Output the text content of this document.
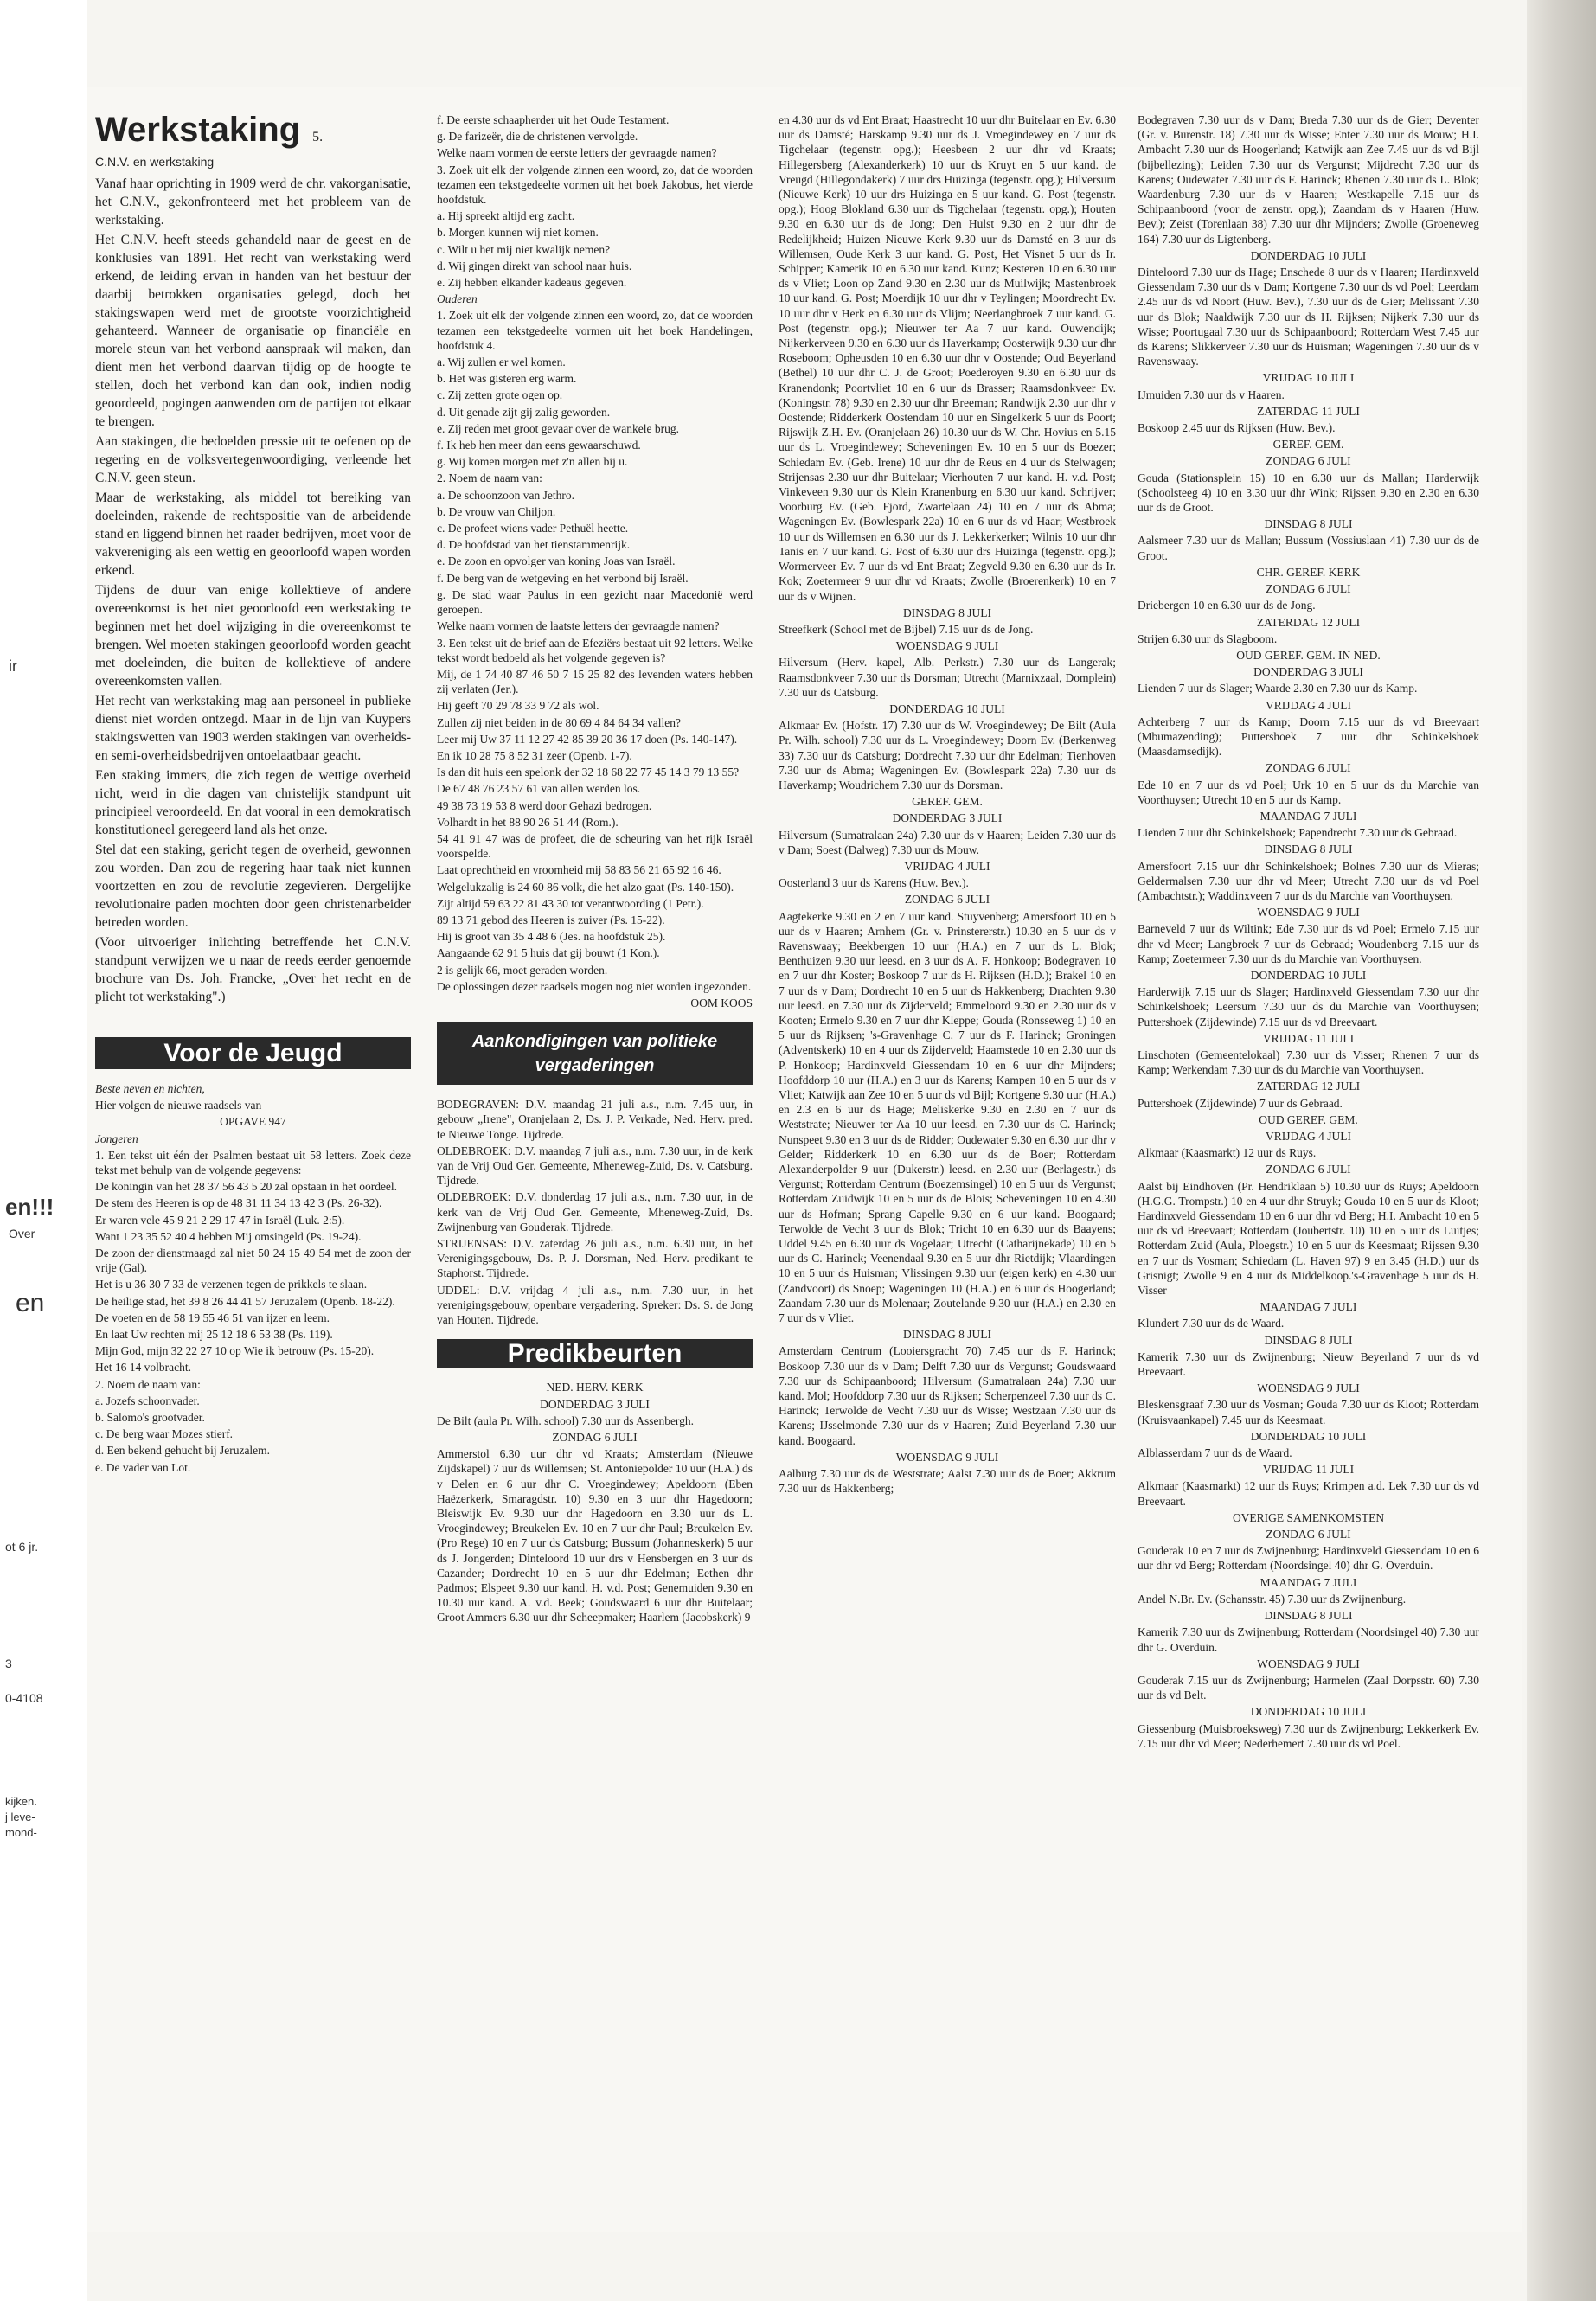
ir
en!!!
Over
en
ot 6 jr.
3
0-4108
kijken.
j leve-
mond-
Werkstaking 5.
C.N.V. en werkstaking

Vanaf haar oprichting in 1909 werd de chr. vakorganisatie, het C.N.V., gekonfronteerd met het probleem van de werkstaking.

Het C.N.V. heeft steeds gehandeld naar de geest en de konklusies van 1891. Het recht van werkstaking werd erkend, de leiding ervan in handen van het bestuur der daarbij betrokken organisaties gelegd, doch het stakingswapen werd met de grootste voorzichtigheid gehanteerd. Wanneer de organisatie op financiële en morele steun van het verbond aanspraak wil maken, dan dient men het verbond daarvan tijdig op de hoogte te stellen, doch het verbond kan dan ook, indien nodig geoordeeld, pogingen aanwenden om de partijen tot elkaar te brengen.

Aan stakingen, die bedoelden pressie uit te oefenen op de regering en de volksvertegenwoordiging, verleende het C.N.V. geen steun.

Maar de werkstaking, als middel tot bereiking van doeleinden, rakende de rechtspositie van de arbeidende stand en liggend binnen het raader bedrijven, moet voor de vakvereniging als een wettig en geoorloofd wapen worden erkend.

Tijdens de duur van enige kollektieve of andere overeenkomst is het niet geoorloofd een werkstaking te beginnen met het doel wijziging in die overeenkomst te brengen. Wel moeten stakingen geoorloofd worden geacht met doeleinden, die buiten de kollektieve of andere overeenkomsten vallen.

Het recht van werkstaking mag aan personeel in publieke dienst niet worden ontzegd. Maar in de lijn van Kuypers stakingswetten van 1903 werden stakingen van overheids- en semi-overheidsbedrijven ontoelaatbaar geacht.

Een staking immers, die zich tegen de wettige overheid richt, werd in die dagen van christelijk standpunt uit principieel veroordeeld. En dat vooral in een demokratisch konstitutioneel geregeerd land als het onze.

Stel dat een staking, gericht tegen de overheid, gewonnen zou worden. Dan zou de regering haar taak niet kunnen voortzetten en zou de revolutie zegevieren. Dergelijke revolutionaire paden mochten door geen christenarbeider betreden worden.

(Voor uitvoeriger inlichting betreffende het C.N.V. standpunt verwijzen we u naar de reeds eerder genoemde brochure van Ds. Joh. Francke, „Over het recht en de plicht tot werkstaking".)

Voor de Jeugd

Beste neven en nichten,

Hier volgen de nieuwe raadsels van

OPGAVE 947

Jongeren

1. Een tekst uit één der Psalmen bestaat uit 58 letters. Zoek deze tekst met behulp van de volgende gegevens:

De koningin van het 28 37 56 43 5 20 zal opstaan in het oordeel.

De stem des Heeren is op de 48 31 11 34 13 42 3 (Ps. 26-32).

Er waren vele 45 9 21 2 29 17 47 in Israël (Luk. 2:5).

Want 1 23 35 52 40 4 hebben Mij omsingeld (Ps. 19-24).

De zoon der dienstmaagd zal niet 50 24 15 49 54 met de zoon der vrije (Gal).

Het is u 36 30 7 33 de verzenen tegen de prikkels te slaan.

De heilige stad, het 39 8 26 44 41 57 Jeruzalem (Openb. 18-22).

De voeten en de 58 19 55 46 51 van ijzer en leem.

En laat Uw rechten mij 25 12 18 6 53 38 (Ps. 119).

Mijn God, mijn 32 22 27 10 op Wie ik betrouw (Ps. 15-20).

Het 16 14 volbracht.

2. Noem de naam van:

a. Jozefs schoonvader.

b. Salomo's grootvader.

c. De berg waar Mozes stierf.

d. Een bekend gehucht bij Jeruzalem.

e. De vader van Lot.

f. De eerste schaapherder uit het Oude Testament.

g. De farizeër, die de christenen vervolgde.

Welke naam vormen de eerste letters der gevraagde namen?

3. Zoek uit elk der volgende zinnen een woord, zo, dat de woorden tezamen een tekstgedeelte vormen uit het boek Jakobus, het vierde hoofdstuk.

a. Hij spreekt altijd erg zacht.

b. Morgen kunnen wij niet komen.

c. Wilt u het mij niet kwalijk nemen?

d. Wij gingen direkt van school naar huis.

e. Zij hebben elkander kadeaus gegeven.

Ouderen

1. Zoek uit elk der volgende zinnen een woord, zo, dat de woorden tezamen een tekstgedeelte vormen uit het boek Handelingen, hoofdstuk 4.

a. Wij zullen er wel komen.

b. Het was gisteren erg warm.

c. Zij zetten grote ogen op.

d. Uit genade zijt gij zalig geworden.

e. Zij reden met groot gevaar over de wankele brug.

f. Ik heb hen meer dan eens gewaarschuwd.

g. Wij komen morgen met z'n allen bij u.

2. Noem de naam van:

a. De schoonzoon van Jethro.

b. De vrouw van Chiljon.

c. De profeet wiens vader Pethuël heette.

d. De hoofdstad van het tienstammenrijk.

e. De zoon en opvolger van koning Joas van Israël.

f. De berg van de wetgeving en het verbond bij Israël.

g. De stad waar Paulus in een gezicht naar Macedonië werd geroepen.

Welke naam vormen de laatste letters der gevraagde namen?

3. Een tekst uit de brief aan de Efeziërs bestaat uit 92 letters. Welke tekst wordt bedoeld als het volgende gegeven is?

Mij, de 1 74 40 87 46 50 7 15 25 82 des levenden waters hebben zij verlaten (Jer.).

Hij geeft 70 29 78 33 9 72 als wol.

Zullen zij niet beiden in de 80 69 4 84 64 34 vallen?

Leer mij Uw 37 11 12 27 42 85 39 20 36 17 doen (Ps. 140-147).

En ik 10 28 75 8 52 31 zeer (Openb. 1-7).

Is dan dit huis een spelonk der 32 18 68 22 77 45 14 3 79 13 55?

De 67 48 76 23 57 61 van allen werden los.

49 38 73 19 53 8 werd door Gehazi bedrogen.

Volhardt in het 88 90 26 51 44 (Rom.).

54 41 91 47 was de profeet, die de scheuring van het rijk Israël voorspelde.

Laat oprechtheid en vroomheid mij 58 83 56 21 65 92 16 46.

Welgelukzalig is 24 60 86 volk, die het alzo gaat (Ps. 140-150).

Zijt altijd 59 63 22 81 43 30 tot verantwoording (1 Petr.).

89 13 71 gebod des Heeren is zuiver (Ps. 15-22).

Hij is groot van 35 4 48 6 (Jes. na hoofdstuk 25).

Aangaande 62 91 5 huis dat gij bouwt (1 Kon.).

2 is gelijk 66, moet geraden worden.

De oplossingen dezer raadsels mogen nog niet worden ingezonden.

OOM KOOS

Aankondigingen van politieke vergaderingen

BODEGRAVEN: D.V. maandag 21 juli a.s., n.m. 7.45 uur, in gebouw „Irene", Oranjelaan 2, Ds. J. P. Verkade, Ned. Herv. pred. te Nieuwe Tonge. Tijdrede.

OLDEBROEK: D.V. maandag 7 juli a.s., n.m. 7.30 uur, in de kerk van de Vrij Oud Ger. Gemeente, Mheneweg-Zuid, Ds. v. Catsburg. Tijdrede.

OLDEBROEK: D.V. donderdag 17 juli a.s., n.m. 7.30 uur, in de kerk van de Vrij Oud Ger. Gemeente, Mheneweg-Zuid, Ds. Zwijnenburg van Gouderak. Tijdrede.

STRIJENSAS: D.V. zaterdag 26 juli a.s., n.m. 6.30 uur, in het Verenigingsgebouw, Ds. P. J. Dorsman, Ned. Herv. predikant te Staphorst. Tijdrede.

UDDEL: D.V. vrijdag 4 juli a.s., n.m. 7.30 uur, in het verenigingsgebouw, openbare vergadering. Spreker: Ds. S. de Jong van Houten. Tijdrede.

Predikbeurten

NED. HERV. KERK

DONDERDAG 3 JULI

De Bilt (aula Pr. Wilh. school) 7.30 uur ds Assenbergh.

ZONDAG 6 JULI

Ammerstol 6.30 uur dhr vd Kraats; Amsterdam (Nieuwe Zijdskapel) 7 uur ds Willemsen; St. Antoniepolder 10 uur (H.A.) ds v Delen en 6 uur dhr C. Vroegindewey; Apeldoorn (Eben Haëzerkerk, Smaragdstr. 10) 9.30 en 3 uur dhr Hagedoorn; Bleiswijk Ev. 9.30 uur dhr Hagedoorn en 3.30 uur ds L. Vroegindewey; Breukelen Ev. 10 en 7 uur dhr Paul; Breukelen Ev. (Pro Rege) 10 en 7 uur ds Catsburg; Bussum (Johanneskerk) 5 uur ds J. Jongerden; Dinteloord 10 uur drs v Hensbergen en 3 uur ds Cazander; Dordrecht 10 en 5 uur dhr Edelman; Eethen dhr Padmos; Elspeet 9.30 uur kand. H. v.d. Post; Genemuiden 9.30 en 10.30 uur kand. A. v.d. Beek; Goudswaard 6 uur dhr Buitelaar; Groot Ammers 6.30 uur dhr Scheepmaker; Haarlem (Jacobskerk) 9

en 4.30 uur ds vd Ent Braat; Haastrecht 10 uur dhr Buitelaar en Ev. 6.30 uur ds Damsté; Harskamp 9.30 uur ds J. Vroegindewey en 7 uur ds Tigchelaar (tegenstr. opg.); Heesbeen 2 uur dhr vd Kraats; Hillegersberg (Alexanderkerk) 10 uur ds Kruyt en 5 uur kand. de Vreugd (Hillegondakerk) 7 uur drs Huizinga (tegenstr. opg.); Hilversum (Nieuwe Kerk) 10 uur drs Huizinga en 5 uur kand. G. Post (tegenstr. opg.); Hoog Blokland 6.30 uur ds Tigchelaar (tegenstr. opg.); Houten 9.30 en 6.30 uur ds de Jong; Den Hulst 9.30 en 2 uur dhr de Redelijkheid; Huizen Nieuwe Kerk 9.30 uur ds Damsté en 3 uur ds Willemsen, Oude Kerk 3 uur kand. G. Post, Het Visnet 5 uur ds Ir. Schipper; Kamerik 10 en 6.30 uur kand. Kunz; Kesteren 10 en 6.30 uur ds v Vliet; Loon op Zand 9.30 en 2.30 uur ds Muilwijk; Mastenbroek 10 uur kand. G. Post; Moerdijk 10 uur dhr v Teylingen; Moordrecht Ev. 10 uur dhr v Herk en 6.30 uur ds Vlijm; Neerlangbroek 7 uur kand. G. Post (tegenstr. opg.); Nieuwer ter Aa 7 uur kand. Ouwendijk; Nijkerkerveen 9.30 en 6.30 uur ds Haverkamp; Oosterwijk 9.30 uur dhr Roseboom; Opheusden 10 en 6.30 uur dhr v Oostende; Oud Beyerland (Bethel) 10 uur dhr C. J. de Groot; Poederoyen 9.30 en 6.30 uur ds Kranendonk; Poortvliet 10 en 6 uur ds Brasser; Raamsdonkveer Ev. (Koningstr. 78) 9.30 en 2.30 uur dhr Breeman; Randwijk 2.30 uur dhr v Oostende; Ridderkerk Oostendam 10 uur en Singelkerk 5 uur ds Poort; Rijswijk Z.H. Ev. (Oranjelaan 26) 10.30 uur ds W. Chr. Hovius en 5.15 uur ds L. Vroegindewey; Scheveningen Ev. 10 en 5 uur ds Boezer; Schiedam Ev. (Geb. Irene) 10 uur dhr de Reus en 4 uur ds Stelwagen; Strijensas 2.30 uur dhr Buitelaar; Vierhouten 7 uur kand. H. v.d. Post; Vinkeveen 9.30 uur ds Klein Kranenburg en 6.30 uur kand. Schrijver; Voorburg Ev. (Geb. Fjord, Zwartelaan 24) 10 en 7 uur ds Abma; Wageningen Ev. (Bowlespark 22a) 10 en 6 uur ds vd Haar; Westbroek 10 uur ds Willemsen en 6.30 uur ds J. Lekkerkerker; Wilnis 10 uur dhr Tanis en 7 uur kand. G. Post of 6.30 uur drs Huizinga (tegenstr. opg.); Wormerveer Ev. 7 uur ds vd Ent Braat; Zegveld 9.30 en 6.30 uur ds Ir. Kok; Zoetermeer 9 uur dhr vd Kraats; Zwolle (Broerenkerk) 10 en 7 uur ds v Wijnen.

DINSDAG 8 JULI

Streefkerk (School met de Bijbel) 7.15 uur ds de Jong.

WOENSDAG 9 JULI

Hilversum (Herv. kapel, Alb. Perkstr.) 7.30 uur ds Langerak; Raamsdonkveer 7.30 uur ds Dorsman; Utrecht (Marnixzaal, Domplein) 7.30 uur ds Catsburg.

DONDERDAG 10 JULI

Alkmaar Ev. (Hofstr. 17) 7.30 uur ds W. Vroegindewey; De Bilt (Aula Pr. Wilh. school) 7.30 uur ds L. Vroegindewey; Doorn Ev. (Berkenweg 33) 7.30 uur ds Catsburg; Dordrecht 7.30 uur dhr Edelman; Tienhoven 7.30 uur ds Abma; Wageningen Ev. (Bowlespark 22a) 7.30 uur ds Haverkamp; Woudrichem 7.30 uur ds Dorsman.

GEREF. GEM.

DONDERDAG 3 JULI

Hilversum (Sumatralaan 24a) 7.30 uur ds v Haaren; Leiden 7.30 uur ds v Dam; Soest (Dalweg) 7.30 uur ds Mouw.

VRIJDAG 4 JULI

Oosterland 3 uur ds Karens (Huw. Bev.).

ZONDAG 6 JULI

Aagtekerke 9.30 en 2 en 7 uur kand. Stuyvenberg; Amersfoort 10 en 5 uur ds v Haaren; Arnhem (Gr. v. Prinstererstr.) 10.30 en 5 uur ds v Ravenswaay; Beekbergen 10 uur (H.A.) en 7 uur ds L. Blok; Benthuizen 9.30 uur leesd. en 3 uur ds A. F. Honkoop; Bodegraven 10 en 7 uur dhr Koster; Boskoop 7 uur ds H. Rijksen (H.D.); Brakel 10 en 7 uur ds v Dam; Dordrecht 10 en 5 uur ds Hakkenberg; Drachten 9.30 uur leesd. en 7.30 uur ds Zijderveld; Emmeloord 9.30 en 2.30 uur ds v Kooten; Ermelo 9.30 en 7 uur dhr Kleppe; Gouda (Ronsseweg 1) 10 en 5 uur ds Rijksen; 's-Gravenhage C. 7 uur ds F. Harinck; Groningen (Adventskerk) 10 en 4 uur ds Zijderveld; Haamstede 10 en 2.30 uur ds P. Honkoop; Hardinxveld Giessendam 10 en 6 uur dhr Mijnders; Hoofddorp 10 uur (H.A.) en 3 uur ds Karens; Kampen 10 en 5 uur ds v Vliet; Katwijk aan Zee 10 en 5 uur ds vd Bijl; Kortgene 9.30 uur (H.A.) en 2.3 en 6 uur ds Hage; Meliskerke 9.30 en 2.30 en 7 uur ds Weststrate; Nieuwer ter Aa 10 uur leesd. en 7.30 uur ds C. Harinck; Nunspeet 9.30 en 3 uur ds de Ridder; Oudewater 9.30 en 6.30 uur dhr v Gelder; Ridderkerk 10 en 6.30 uur ds de Boer; Rotterdam Alexanderpolder 9 uur (Dukerstr.) leesd. en 2.30 uur (Berlagestr.) ds Vergunst; Rotterdam Centrum (Boezemsingel) 10 en 5 uur ds Vergunst; Rotterdam Zuidwijk 10 en 5 uur ds de Blois; Scheveningen 10 en 4.30 uur ds Hofman; Sprang Capelle 9.30 en 6 uur kand. Boogaard; Terwolde de Vecht 3 uur ds Blok; Tricht 10 en 6.30 uur ds Baayens; Uddel 9.45 en 6.30 uur ds Vogelaar; Utrecht (Catharijnekade) 10 en 5 uur ds C. Harinck; Veenendaal 9.30 en 5 uur dhr Rietdijk; Vlaardingen 10 en 5 uur ds Huisman; Vlissingen 9.30 uur (eigen kerk) en 4.30 uur (Zandvoort) ds Snoep; Wageningen 10 (H.A.) en 6 uur ds Hoogerland; Zaandam 7.30 uur ds Molenaar; Zoutelande 9.30 uur (H.A.) en 2.30 en 7 uur ds v Vliet.

DINSDAG 8 JULI

Amsterdam Centrum (Looiersgracht 70) 7.45 uur ds F. Harinck; Boskoop 7.30 uur ds v Dam; Delft 7.30 uur ds Vergunst; Goudswaard 7.30 uur ds Schipaanboord; Hilversum (Sumatralaan 24a) 7.30 uur kand. Mol; Hoofddorp 7.30 uur ds Rijksen; Scherpenzeel 7.30 uur ds C. Harinck; Terwolde de Vecht 7.30 uur ds Wisse; Westzaan 7.30 uur ds Karens; IJsselmonde 7.30 uur ds v Haaren; Zuid Beyerland 7.30 uur kand. Boogaard.

WOENSDAG 9 JULI

Aalburg 7.30 uur ds de Weststrate; Aalst 7.30 uur ds de Boer; Akkrum 7.30 uur ds Hakkenberg;

Bodegraven 7.30 uur ds v Dam; Breda 7.30 uur ds de Gier; Deventer (Gr. v. Burenstr. 18) 7.30 uur ds Wisse; Enter 7.30 uur ds Mouw; H.I. Ambacht 7.30 uur ds Hoogerland; Katwijk aan Zee 7.45 uur ds vd Bijl (bijbellezing); Leiden 7.30 uur ds Vergunst; Mijdrecht 7.30 uur ds Karens; Oudewater 7.30 uur ds F. Harinck; Rhenen 7.30 uur ds L. Blok; Waardenburg 7.30 uur ds v Haaren; Westkapelle 7.15 uur ds Schipaanboord (voor de zenstr. opg.); Zaandam ds v Haaren (Huw. Bev.); Zeist (Torenlaan 38) 7.30 uur dhr Mijnders; Zwolle (Groeneweg 164) 7.30 uur ds Ligtenberg.

DONDERDAG 10 JULI

Dinteloord 7.30 uur ds Hage; Enschede 8 uur ds v Haaren; Hardinxveld Giessendam 7.30 uur ds v Dam; Kortgene 7.30 uur ds vd Poel; Leerdam 2.45 uur ds vd Noort (Huw. Bev.), 7.30 uur ds de Gier; Melissant 7.30 uur ds Blok; Naaldwijk 7.30 uur ds H. Rijksen; Nijkerk 7.30 uur ds Wisse; Poortugaal 7.30 uur ds Schipaanboord; Rotterdam West 7.45 uur ds Karens; Slikkerveer 7.30 uur ds Huisman; Wageningen 7.30 uur ds v Ravenswaay.

VRIJDAG 10 JULI

IJmuiden 7.30 uur ds v Haaren.

ZATERDAG 11 JULI

Boskoop 2.45 uur ds Rijksen (Huw. Bev.).

GEREF. GEM.

ZONDAG 6 JULI

Gouda (Stationsplein 15) 10 en 6.30 uur ds Mallan; Harderwijk (Schoolsteeg 4) 10 en 3.30 uur dhr Wink; Rijssen 9.30 en 2.30 en 6.30 uur ds de Groot.

DINSDAG 8 JULI

Aalsmeer 7.30 uur ds Mallan; Bussum (Vossiuslaan 41) 7.30 uur ds de Groot.

CHR. GEREF. KERK

ZONDAG 6 JULI

Driebergen 10 en 6.30 uur ds de Jong.

ZATERDAG 12 JULI

Strijen 6.30 uur ds Slagboom.

OUD GEREF. GEM. IN NED.

DONDERDAG 3 JULI

Lienden 7 uur ds Slager; Waarde 2.30 en 7.30 uur ds Kamp.

VRIJDAG 4 JULI

Achterberg 7 uur ds Kamp; Doorn 7.15 uur ds vd Breevaart (Mbumazending); Puttershoek 7 uur dhr Schinkelshoek (Maasdamsedijk).

ZONDAG 6 JULI

Ede 10 en 7 uur ds vd Poel; Urk 10 en 5 uur ds du Marchie van Voorthuysen; Utrecht 10 en 5 uur ds Kamp.

MAANDAG 7 JULI

Lienden 7 uur dhr Schinkelshoek; Papendrecht 7.30 uur ds Gebraad.

DINSDAG 8 JULI

Amersfoort 7.15 uur dhr Schinkelshoek; Bolnes 7.30 uur ds Mieras; Geldermalsen 7.30 uur dhr vd Meer; Utrecht 7.30 uur ds vd Poel (Ambachtstr.); Waddinxveen 7 uur ds du Marchie van Voorthuysen.

WOENSDAG 9 JULI

Barneveld 7 uur ds Wiltink; Ede 7.30 uur ds vd Poel; Ermelo 7.15 uur dhr vd Meer; Langbroek 7 uur ds Gebraad; Woudenberg 7.15 uur ds Kamp; Zoetermeer 7.30 uur ds du Marchie van Voorthuysen.

DONDERDAG 10 JULI

Harderwijk 7.15 uur ds Slager; Hardinxveld Giessendam 7.30 uur dhr Schinkelshoek; Leersum 7.30 uur ds du Marchie van Voorthuysen; Puttershoek (Zijdewinde) 7.15 uur ds vd Breevaart.

VRIJDAG 11 JULI

Linschoten (Gemeentelokaal) 7.30 uur ds Visser; Rhenen 7 uur ds Kamp; Werkendam 7.30 uur ds du Marchie van Voorthuysen.

ZATERDAG 12 JULI

Puttershoek (Zijdewinde) 7 uur ds Gebraad.

OUD GEREF. GEM.

VRIJDAG 4 JULI

Alkmaar (Kaasmarkt) 12 uur ds Ruys.

ZONDAG 6 JULI

Aalst bij Eindhoven (Pr. Hendriklaan 5) 10.30 uur ds Ruys; Apeldoorn (H.G.G. Trompstr.) 10 en 4 uur dhr Struyk; Gouda 10 en 5 uur ds Kloot; Hardinxveld Giessendam 10 en 6 uur dhr vd Berg; H.I. Ambacht 10 en 5 uur ds vd Breevaart; Rotterdam (Joubertstr. 10) 10 en 5 uur ds Luitjes; Rotterdam Zuid (Aula, Ploegstr.) 10 en 5 uur ds Keesmaat; Rijssen 9.30 en 7 uur ds Vosman; Schiedam (L. Haven 97) 9 en 3.45 (H.D.) uur ds Grisnigt; Zwolle 9 en 4 uur ds Middelkoop.'s-Gravenhage 5 uur ds H. Visser

MAANDAG 7 JULI

Klundert 7.30 uur ds de Waard.

DINSDAG 8 JULI

Kamerik 7.30 uur ds Zwijnenburg; Nieuw Beyerland 7 uur ds vd Breevaart.

WOENSDAG 9 JULI

Bleskensgraaf 7.30 uur ds Vosman; Gouda 7.30 uur ds Kloot; Rotterdam (Kruisvaankapel) 7.45 uur ds Keesmaat.

DONDERDAG 10 JULI

Alblasserdam 7 uur ds de Waard.

VRIJDAG 11 JULI

Alkmaar (Kaasmarkt) 12 uur ds Ruys; Krimpen a.d. Lek 7.30 uur ds vd Breevaart.

OVERIGE SAMENKOMSTEN

ZONDAG 6 JULI

Gouderak 10 en 7 uur ds Zwijnenburg; Hardinxveld Giessendam 10 en 6 uur dhr vd Berg; Rotterdam (Noordsingel 40) dhr G. Overduin.

MAANDAG 7 JULI

Andel N.Br. Ev. (Schansstr. 45) 7.30 uur ds Zwijnenburg.

DINSDAG 8 JULI

Kamerik 7.30 uur ds Zwijnenburg; Rotterdam (Noordsingel 40) 7.30 uur dhr G. Overduin.

WOENSDAG 9 JULI

Gouderak 7.15 uur ds Zwijnenburg; Harmelen (Zaal Dorpsstr. 60) 7.30 uur ds vd Belt.

DONDERDAG 10 JULI

Giessenburg (Muisbroeksweg) 7.30 uur ds Zwijnenburg; Lekkerkerk Ev. 7.15 uur dhr vd Meer; Nederhemert 7.30 uur ds vd Poel.
